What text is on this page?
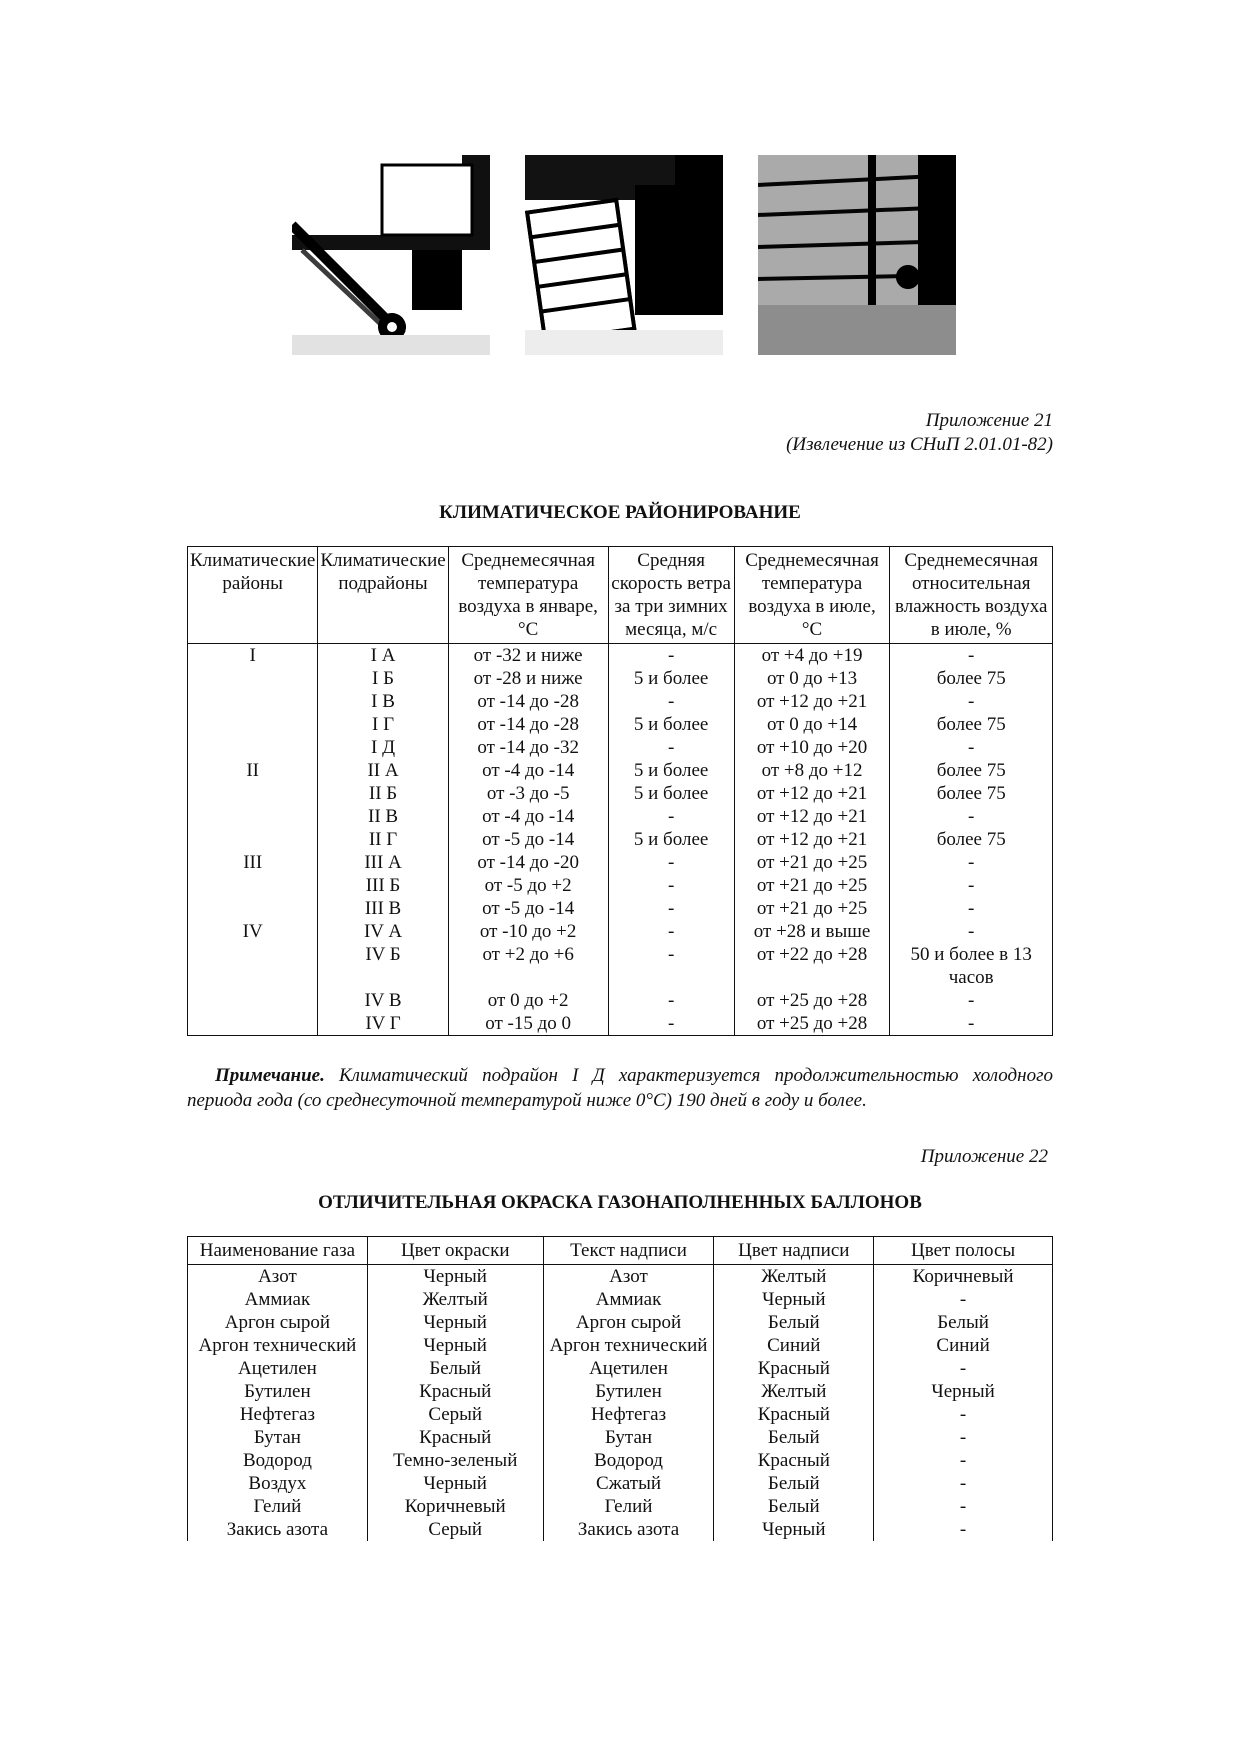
Приложение 21
(Извлечение из СНиП 2.01.01-82)
КЛИМАТИЧЕСКОЕ РАЙОНИРОВАНИЕ
Климатические районы	Климатические подрайоны	Среднемесячная температура воздуха в январе, °С	Средняя скорость ветра за три зимних месяца, м/с	Среднемесячная температура воздуха в июле, °С	Среднемесячная относительная влажность воздуха в июле, %
I	I А	от -32 и ниже	-	от +4 до +19	-
	I Б	от -28 и ниже	5 и более	от 0 до +13	более 75
	I В	от -14 до -28	-	от +12 до +21	-
	I Г	от -14 до -28	5 и более	от 0 до +14	более 75
	I Д	от -14 до -32	-	от +10 до +20	-
II	II А	от -4 до -14	5 и более	от +8 до +12	более 75
	II Б	от -3 до -5	5 и более	от +12 до +21	более 75
	II В	от -4 до -14	-	от +12 до +21	-
	II Г	от -5 до -14	5 и более	от +12 до +21	более 75
III	III А	от -14 до -20	-	от +21 до +25	-
	III Б	от -5 до +2	-	от +21 до +25	-
	III В	от -5 до -14	-	от +21 до +25	-
IV	IV А	от -10 до +2	-	от +28 и выше	-
	IV Б	от +2 до +6	-	от +22 до +28	50 и более в 13 часов
	IV В	от 0 до +2	-	от +25 до +28	-
	IV Г	от -15 до 0	-	от +25 до +28	-
Примечание. Климатический подрайон I Д характеризуется продолжительностью холодного периода года (со среднесуточной температурой ниже 0°С) 190 дней в году и более.
Приложение 22
ОТЛИЧИТЕЛЬНАЯ ОКРАСКА ГАЗОНАПОЛНЕННЫХ БАЛЛОНОВ
Наименование газа	Цвет окраски	Текст надписи	Цвет надписи	Цвет полосы
Азот	Черный	Азот	Желтый	Коричневый
Аммиак	Желтый	Аммиак	Черный	-
Аргон сырой	Черный	Аргон сырой	Белый	Белый
Аргон технический	Черный	Аргон технический	Синий	Синий
Ацетилен	Белый	Ацетилен	Красный	-
Бутилен	Красный	Бутилен	Желтый	Черный
Нефтегаз	Серый	Нефтегаз	Красный	-
Бутан	Красный	Бутан	Белый	-
Водород	Темно-зеленый	Водород	Красный	-
Воздух	Черный	Сжатый	Белый	-
Гелий	Коричневый	Гелий	Белый	-
Закись азота	Серый	Закись азота	Черный	-
